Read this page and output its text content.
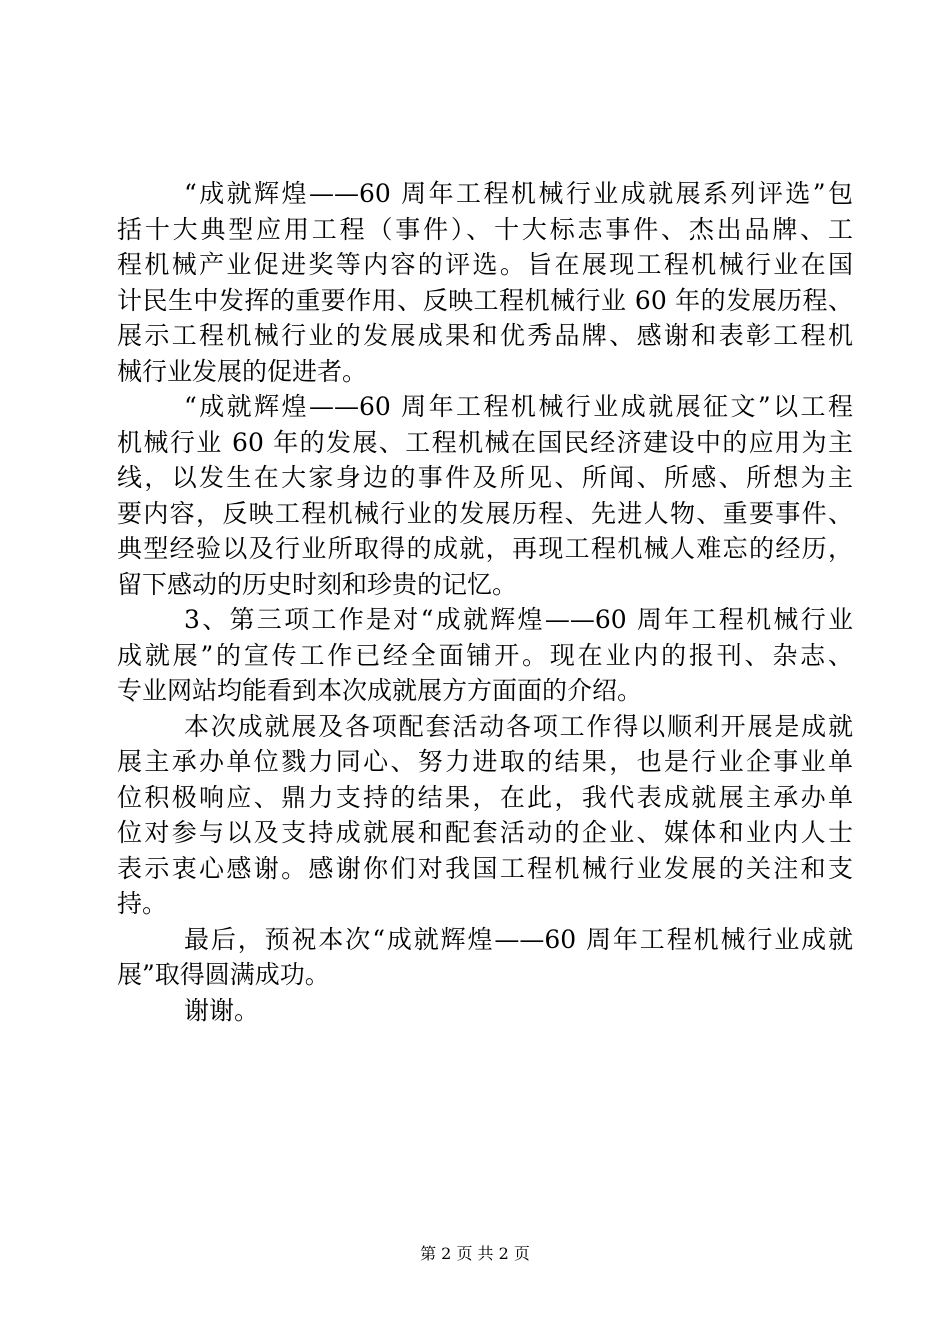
“成就辉煌——60 周年工程机械行业成就展系列评选”包
括十大典型应用工程（事件）、十大标志事件、杰出品牌、工
程机械产业促进奖等内容的评选。旨在展现工程机械行业在国
计民生中发挥的重要作用、反映工程机械行业 60 年的发展历程、
展示工程机械行业的发展成果和优秀品牌、感谢和表彰工程机
械行业发展的促进者。
“成就辉煌——60 周年工程机械行业成就展征文”以工程
机械行业 60 年的发展、工程机械在国民经济建设中的应用为主
线，以发生在大家身边的事件及所见、所闻、所感、所想为主
要内容，反映工程机械行业的发展历程、先进人物、重要事件、
典型经验以及行业所取得的成就，再现工程机械人难忘的经历，
留下感动的历史时刻和珍贵的记忆。
3、第三项工作是对“成就辉煌——60 周年工程机械行业
成就展”的宣传工作已经全面铺开。现在业内的报刊、杂志、
专业网站均能看到本次成就展方方面面的介绍。
本次成就展及各项配套活动各项工作得以顺利开展是成就
展主承办单位戮力同心、努力进取的结果，也是行业企事业单
位积极响应、鼎力支持的结果，在此，我代表成就展主承办单
位对参与以及支持成就展和配套活动的企业、媒体和业内人士
表示衷心感谢。感谢你们对我国工程机械行业发展的关注和支
持。
最后，预祝本次“成就辉煌——60 周年工程机械行业成就
展”取得圆满成功。
谢谢。
第 2 页 共 2 页
